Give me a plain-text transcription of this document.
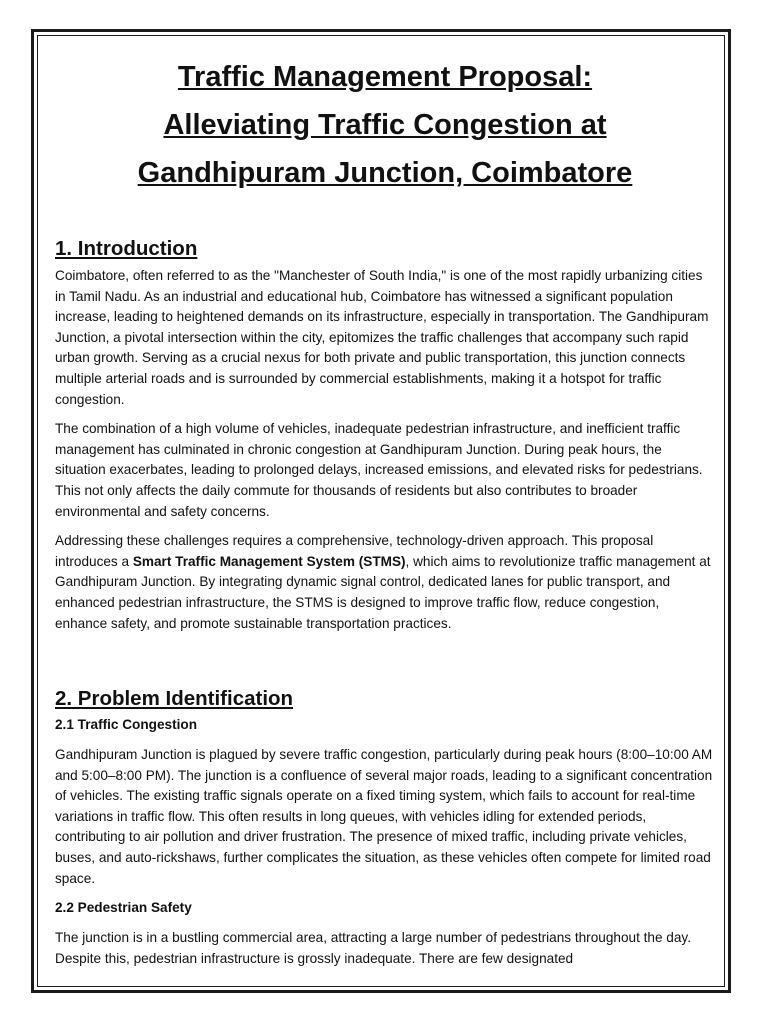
Traffic Management Proposal:
Alleviating Traffic Congestion at
Gandhipuram Junction, Coimbatore
1. Introduction

Coimbatore, often referred to as the "Manchester of South India," is one of the most rapidly urbanizing cities in Tamil Nadu. As an industrial and educational hub, Coimbatore has witnessed a significant population increase, leading to heightened demands on its infrastructure, especially in transportation. The Gandhipuram Junction, a pivotal intersection within the city, epitomizes the traffic challenges that accompany such rapid urban growth. Serving as a crucial nexus for both private and public transportation, this junction connects multiple arterial roads and is surrounded by commercial establishments, making it a hotspot for traffic congestion.

The combination of a high volume of vehicles, inadequate pedestrian infrastructure, and inefficient traffic management has culminated in chronic congestion at Gandhipuram Junction. During peak hours, the situation exacerbates, leading to prolonged delays, increased emissions, and elevated risks for pedestrians. This not only affects the daily commute for thousands of residents but also contributes to broader environmental and safety concerns.

Addressing these challenges requires a comprehensive, technology-driven approach. This proposal introduces a Smart Traffic Management System (STMS), which aims to revolutionize traffic management at Gandhipuram Junction. By integrating dynamic signal control, dedicated lanes for public transport, and enhanced pedestrian infrastructure, the STMS is designed to improve traffic flow, reduce congestion, enhance safety, and promote sustainable transportation practices.

2. Problem Identification
2.1 Traffic Congestion

Gandhipuram Junction is plagued by severe traffic congestion, particularly during peak hours (8:00–10:00 AM and 5:00–8:00 PM). The junction is a confluence of several major roads, leading to a significant concentration of vehicles. The existing traffic signals operate on a fixed timing system, which fails to account for real-time variations in traffic flow. This often results in long queues, with vehicles idling for extended periods, contributing to air pollution and driver frustration. The presence of mixed traffic, including private vehicles, buses, and auto-rickshaws, further complicates the situation, as these vehicles often compete for limited road space.

2.2 Pedestrian Safety

The junction is in a bustling commercial area, attracting a large number of pedestrians throughout the day. Despite this, pedestrian infrastructure is grossly inadequate. There are few designated
